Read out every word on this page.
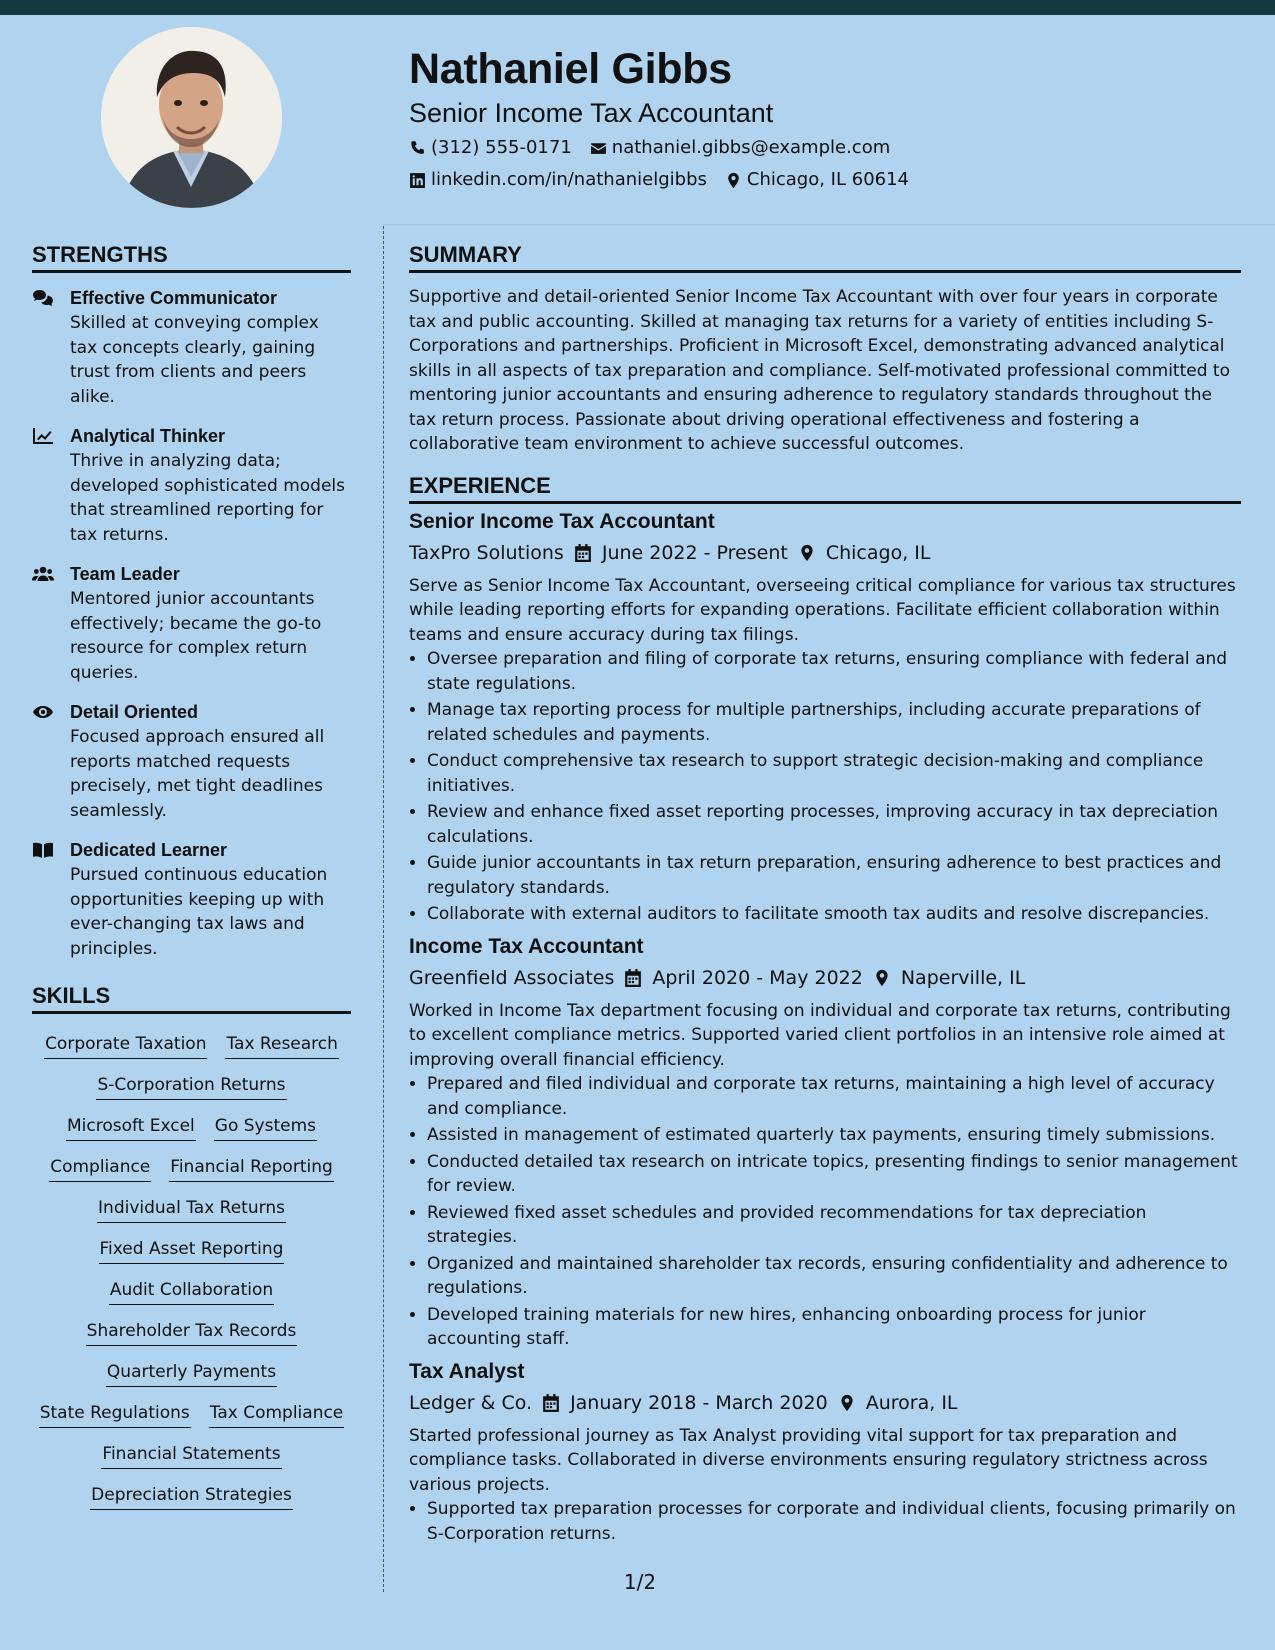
Nathaniel Gibbs
Senior Income Tax Accountant
(312) 555-0171 nathaniel.gibbs@example.com
linkedin.com/in/nathanielgibbs Chicago, IL 60614
STRENGTHS
Effective Communicator
Skilled at conveying complex tax concepts clearly, gaining trust from clients and peers alike.
Analytical Thinker
Thrive in analyzing data; developed sophisticated models that streamlined reporting for tax returns.
Team Leader
Mentored junior accountants effectively; became the go-to resource for complex return queries.
Detail Oriented
Focused approach ensured all reports matched requests precisely, met tight deadlines seamlessly.
Dedicated Learner
Pursued continuous education opportunities keeping up with ever-changing tax laws and principles.
SKILLS
Corporate Taxation Tax Research
S-Corporation Returns
Microsoft Excel Go Systems
Compliance Financial Reporting
Individual Tax Returns
Fixed Asset Reporting
Audit Collaboration
Shareholder Tax Records
Quarterly Payments
State Regulations Tax Compliance
Financial Statements
Depreciation Strategies
SUMMARY

Supportive and detail-oriented Senior Income Tax Accountant with over four years in corporate tax and public accounting. Skilled at managing tax returns for a variety of entities including S-Corporations and partnerships. Proficient in Microsoft Excel, demonstrating advanced analytical skills in all aspects of tax preparation and compliance. Self-motivated professional committed to mentoring junior accountants and ensuring adherence to regulatory standards throughout the tax return process. Passionate about driving operational effectiveness and fostering a collaborative team environment to achieve successful outcomes.

EXPERIENCE
Senior Income Tax Accountant
TaxPro Solutions June 2022 - Present Chicago, IL
Serve as Senior Income Tax Accountant, overseeing critical compliance for various tax structures while leading reporting efforts for expanding operations. Facilitate efficient collaboration within teams and ensure accuracy during tax filings.
• Oversee preparation and filing of corporate tax returns, ensuring compliance with federal and state regulations.
• Manage tax reporting process for multiple partnerships, including accurate preparations of related schedules and payments.
• Conduct comprehensive tax research to support strategic decision-making and compliance initiatives.
• Review and enhance fixed asset reporting processes, improving accuracy in tax depreciation calculations.
• Guide junior accountants in tax return preparation, ensuring adherence to best practices and regulatory standards.
• Collaborate with external auditors to facilitate smooth tax audits and resolve discrepancies.
Income Tax Accountant
Greenfield Associates April 2020 - May 2022 Naperville, IL
Worked in Income Tax department focusing on individual and corporate tax returns, contributing to excellent compliance metrics. Supported varied client portfolios in an intensive role aimed at improving overall financial efficiency.
• Prepared and filed individual and corporate tax returns, maintaining a high level of accuracy and compliance.
• Assisted in management of estimated quarterly tax payments, ensuring timely submissions.
• Conducted detailed tax research on intricate topics, presenting findings to senior management for review.
• Reviewed fixed asset schedules and provided recommendations for tax depreciation strategies.
• Organized and maintained shareholder tax records, ensuring confidentiality and adherence to regulations.
• Developed training materials for new hires, enhancing onboarding process for junior accounting staff.
Tax Analyst
Ledger & Co. January 2018 - March 2020 Aurora, IL
Started professional journey as Tax Analyst providing vital support for tax preparation and compliance tasks. Collaborated in diverse environments ensuring regulatory strictness across various projects.
• Supported tax preparation processes for corporate and individual clients, focusing primarily on S-Corporation returns.
1/2
